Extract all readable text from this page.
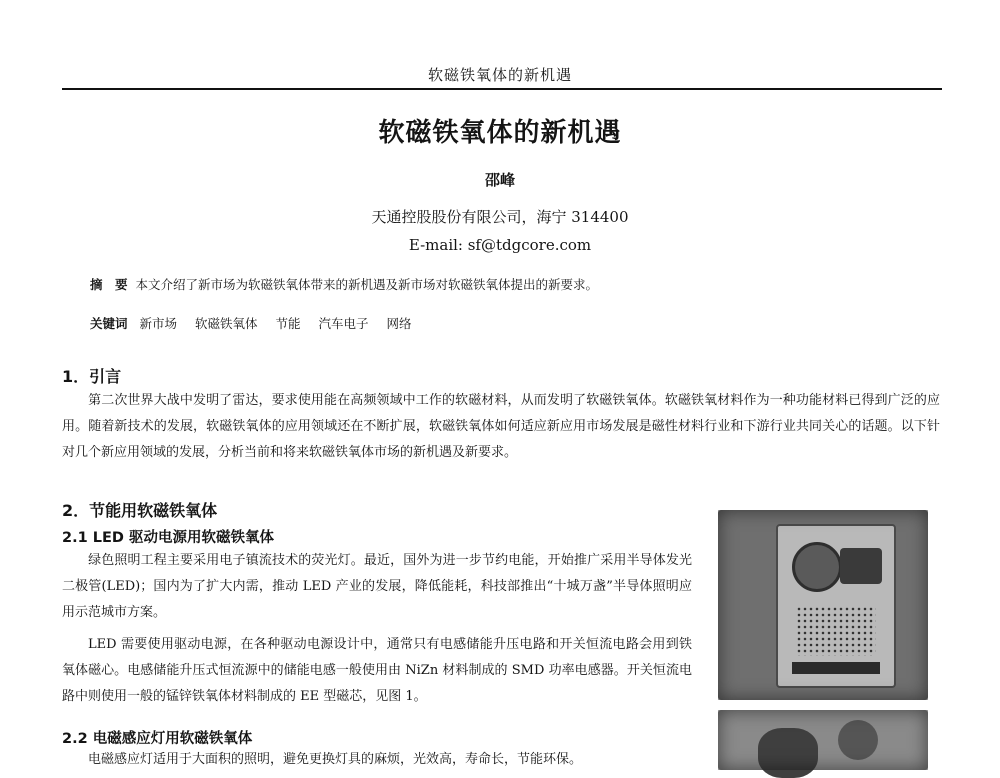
软磁铁氧体的新机遇
软磁铁氧体的新机遇
邵峰
天通控股股份有限公司，海宁 314400
E-mail: sf@tdgcore.com
摘　要 本文介绍了新市场为软磁铁氧体带来的新机遇及新市场对软磁铁氧体提出的新要求。
关键词 新市场 软磁铁氧体 节能 汽车电子 网络
1．引言
第二次世界大战中发明了雷达，要求使用能在高频领域中工作的软磁材料，从而发明了软磁铁氧体。软磁铁氧材料作为一种功能材料已得到广泛的应用。随着新技术的发展，软磁铁氧体的应用领域还在不断扩展，软磁铁氧体如何适应新应用市场发展是磁性材料行业和下游行业共同关心的话题。以下针对几个新应用领域的发展，分析当前和将来软磁铁氧体市场的新机遇及新要求。
2．节能用软磁铁氧体
2.1 LED 驱动电源用软磁铁氧体
绿色照明工程主要采用电子镇流技术的荧光灯。最近，国外为进一步节约电能，开始推广采用半导体发光二极管(LED)；国内为了扩大内需，推动 LED 产业的发展，降低能耗，科技部推出“十城万盏”半导体照明应用示范城市方案。
LED 需要使用驱动电源，在各种驱动电源设计中，通常只有电感储能升压电路和开关恒流电路会用到铁氧体磁心。电感储能升压式恒流源中的储能电感一般使用由 NiZn 材料制成的 SMD 功率电感器。开关恒流电路中则使用一般的锰锌铁氧体材料制成的 EE 型磁芯，见图 1。
2.2 电磁感应灯用软磁铁氧体
电磁感应灯适用于大面积的照明，避免更换灯具的麻烦，光效高，寿命长，节能环保。
